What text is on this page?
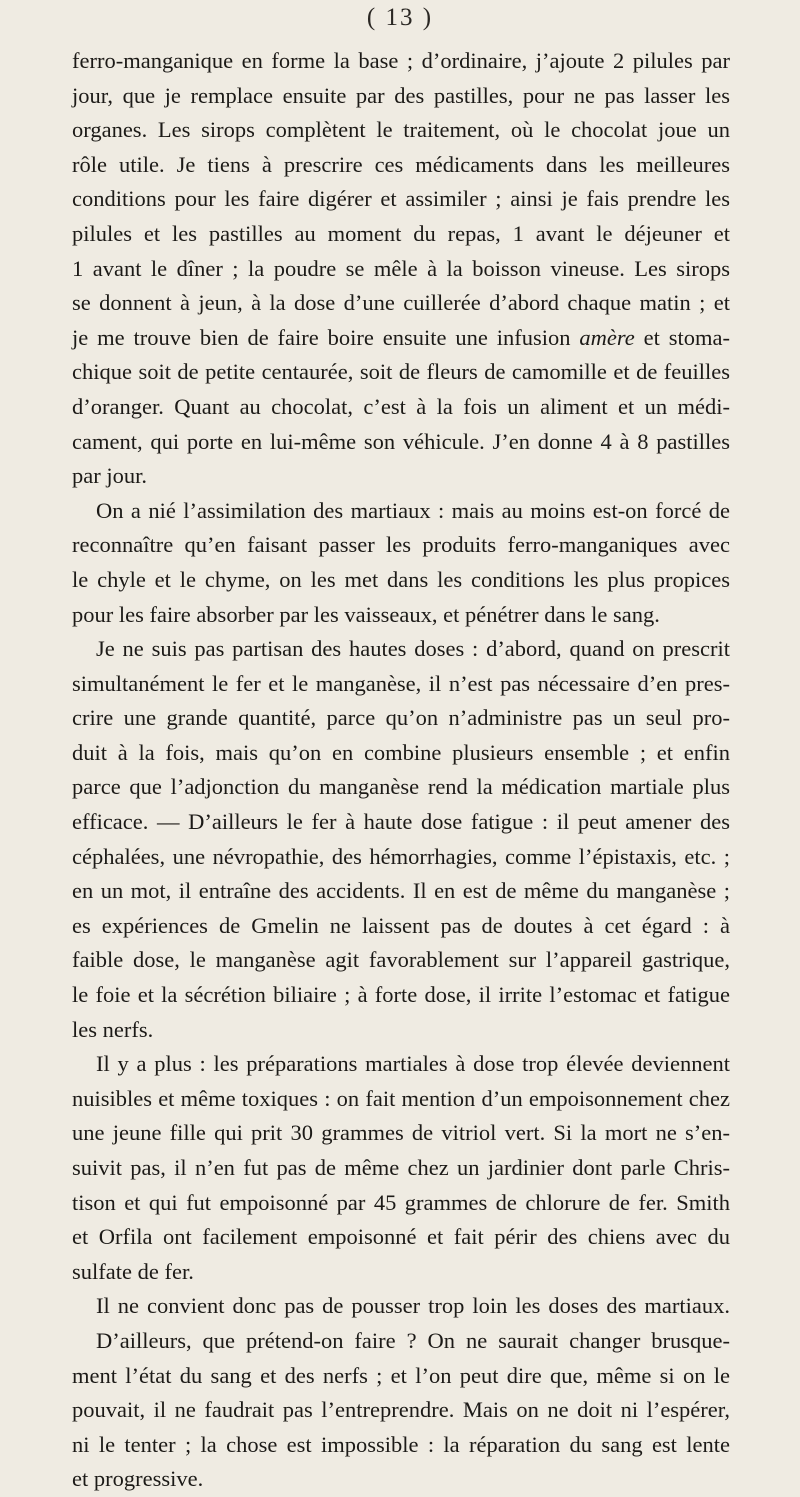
( 13 )
ferro-manganique en forme la base ; d’ordinaire, j’ajoute 2 pilules par
jour, que je remplace ensuite par des pastilles, pour ne pas lasser les
organes. Les sirops complètent le traitement, où le chocolat joue un
rôle utile. Je tiens à prescrire ces médicaments dans les meilleures
conditions pour les faire digérer et assimiler ; ainsi je fais prendre les
pilules et les pastilles au moment du repas, 1 avant le déjeuner et
1 avant le dîner ; la poudre se mêle à la boisson vineuse. Les sirops
se donnent à jeun, à la dose d’une cuillerée d’abord chaque matin ; et
je me trouve bien de faire boire ensuite une infusion amère et stoma-
chique soit de petite centaurée, soit de fleurs de camomille et de feuilles
d’oranger. Quant au chocolat, c’est à la fois un aliment et un médi-
cament, qui porte en lui-même son véhicule. J’en donne 4 à 8 pastilles
par jour.
On a nié l’assimilation des martiaux : mais au moins est-on forcé de
reconnaître qu’en faisant passer les produits ferro-manganiques avec
le chyle et le chyme, on les met dans les conditions les plus propices
pour les faire absorber par les vaisseaux, et pénétrer dans le sang.
Je ne suis pas partisan des hautes doses : d’abord, quand on prescrit
simultanément le fer et le manganèse, il n’est pas nécessaire d’en pres-
crire une grande quantité, parce qu’on n’administre pas un seul pro-
duit à la fois, mais qu’on en combine plusieurs ensemble ; et enfin
parce que l’adjonction du manganèse rend la médication martiale plus
efficace. — D’ailleurs le fer à haute dose fatigue : il peut amener des
céphalées, une névropathie, des hémorrhagies, comme l’épistaxis, etc. ;
en un mot, il entraîne des accidents. Il en est de même du manganèse ;
es expériences de Gmelin ne laissent pas de doutes à cet égard : à
faible dose, le manganèse agit favorablement sur l’appareil gastrique,
le foie et la sécrétion biliaire ; à forte dose, il irrite l’estomac et fatigue
les nerfs.
Il y a plus : les préparations martiales à dose trop élevée deviennent
nuisibles et même toxiques : on fait mention d’un empoisonnement chez
une jeune fille qui prit 30 grammes de vitriol vert. Si la mort ne s’en-
suivit pas, il n’en fut pas de même chez un jardinier dont parle Chris-
tison et qui fut empoisonné par 45 grammes de chlorure de fer. Smith
et Orfila ont facilement empoisonné et fait périr des chiens avec du
sulfate de fer.
Il ne convient donc pas de pousser trop loin les doses des martiaux.
D’ailleurs, que prétend-on faire ? On ne saurait changer brusque-
ment l’état du sang et des nerfs ; et l’on peut dire que, même si on le
pouvait, il ne faudrait pas l’entreprendre. Mais on ne doit ni l’espérer,
ni le tenter ; la chose est impossible : la réparation du sang est lente
et progressive.
